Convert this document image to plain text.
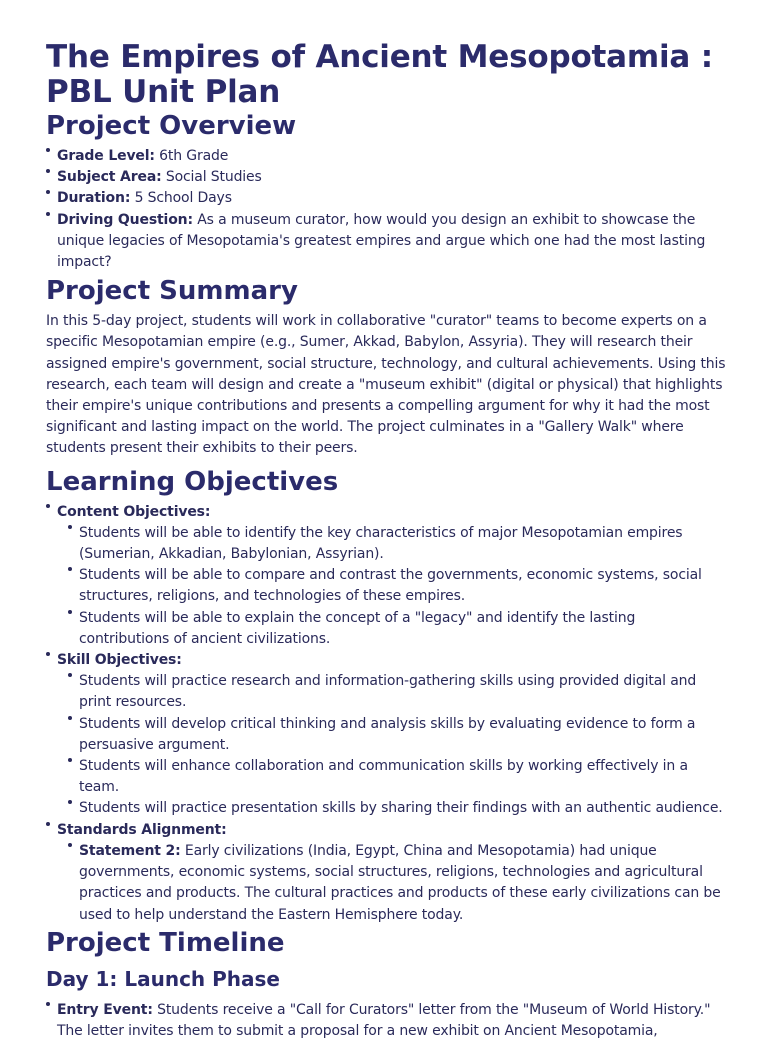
The Empires of Ancient Mesopotamia : PBL Unit Plan
Project Overview
Grade Level: 6th Grade
Subject Area: Social Studies
Duration: 5 School Days
Driving Question: As a museum curator, how would you design an exhibit to showcase the unique legacies of Mesopotamia's greatest empires and argue which one had the most lasting impact?
Project Summary

In this 5-day project, students will work in collaborative "curator" teams to become experts on a specific Mesopotamian empire (e.g., Sumer, Akkad, Babylon, Assyria). They will research their assigned empire's government, social structure, technology, and cultural achievements. Using this research, each team will design and create a "museum exhibit" (digital or physical) that highlights their empire's unique contributions and presents a compelling argument for why it had the most significant and lasting impact on the world. The project culminates in a "Gallery Walk" where students present their exhibits to their peers.

Learning Objectives
Content Objectives:
Students will be able to identify the key characteristics of major Mesopotamian empires (Sumerian, Akkadian, Babylonian, Assyrian).
Students will be able to compare and contrast the governments, economic systems, social structures, religions, and technologies of these empires.
Students will be able to explain the concept of a "legacy" and identify the lasting contributions of ancient civilizations.
Skill Objectives:
Students will practice research and information-gathering skills using provided digital and print resources.
Students will develop critical thinking and analysis skills by evaluating evidence to form a persuasive argument.
Students will enhance collaboration and communication skills by working effectively in a team.
Students will practice presentation skills by sharing their findings with an authentic audience.
Standards Alignment:
Statement 2: Early civilizations (India, Egypt, China and Mesopotamia) had unique governments, economic systems, social structures, religions, technologies and agricultural practices and products. The cultural practices and products of these early civilizations can be used to help understand the Eastern Hemisphere today.
Project Timeline
Day 1: Launch Phase
Entry Event: Students receive a "Call for Curators" letter from the "Museum of World History." The letter invites them to submit a proposal for a new exhibit on Ancient Mesopotamia,
